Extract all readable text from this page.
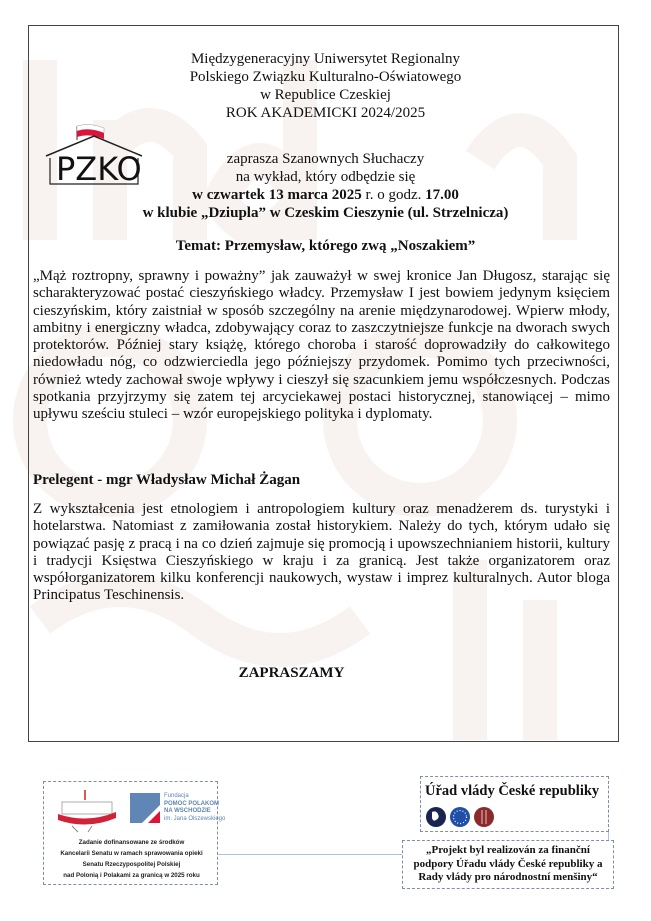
Międzygeneracyjny Uniwersytet Regionalny
Polskiego Związku Kulturalno-Oświatowego
w Republice Czeskiej
ROK AKADEMICKI 2024/2025
PZKO	zaprasza Szanownych Słuchaczy
na wykład, który odbędzie się
w czwartek 13 marca 2025 r. o godz. 17.00
w klubie „Dziupla” w Czeskim Cieszynie (ul. Strzelnicza)
Temat: Przemysław, którego zwą „Noszakiem”

„Mąż roztropny, sprawny i poważny” jak zauważył w swej kronice Jan Długosz, starając się scharakteryzować postać cieszyńskiego władcy. Przemysław I jest bowiem jedynym księciem cieszyńskim, który zaistniał w sposób szczególny na arenie międzynarodowej. Wpierw młody, ambitny i energiczny władca, zdobywający coraz to zaszczytniejsze funkcje na dworach swych protektorów. Później stary książę, którego choroba i starość doprowadziły do całkowitego niedowładu nóg, co odzwierciedla jego późniejszy przydomek. Pomimo tych przeciwności, również wtedy zachował swoje wpływy i cieszył się szacunkiem jemu współczesnych. Podczas spotkania przyjrzymy się zatem tej arcyciekawej postaci historycznej, stanowiącej – mimo upływu sześciu stuleci – wzór europejskiego polityka i dyplomaty.

Prelegent - mgr Władysław Michał Żagan

Z wykształcenia jest etnologiem i antropologiem kultury oraz menadżerem ds. turystyki i hotelarstwa. Natomiast z zamiłowania został historykiem. Należy do tych, którym udało się powiązać pasję z pracą i na co dzień zajmuje się promocją i upowszechnianiem historii, kultury i tradycji Księstwa Cieszyńskiego w kraju i za granicą. Jest także organizatorem oraz współorganizatorem kilku konferencji naukowych, wystaw i imprez kulturalnych. Autor bloga Principatus Teschinensis.

ZAPRASZAMY

Fundacja
POMOC POLAKOM
NA WSCHODZIE
im. Jana Olszewskiego
Zadanie dofinansowane ze środków
Kancelarii Senatu w ramach sprawowania opieki
Senatu Rzeczypospolitej Polskiej
nad Polonią i Polakami za granicą w 2025 roku
Úřad vlády České republiky
„Projekt byl realizován za finanční podpory Úřadu vlády České republiky a Rady vlády pro národnostní menšiny“
